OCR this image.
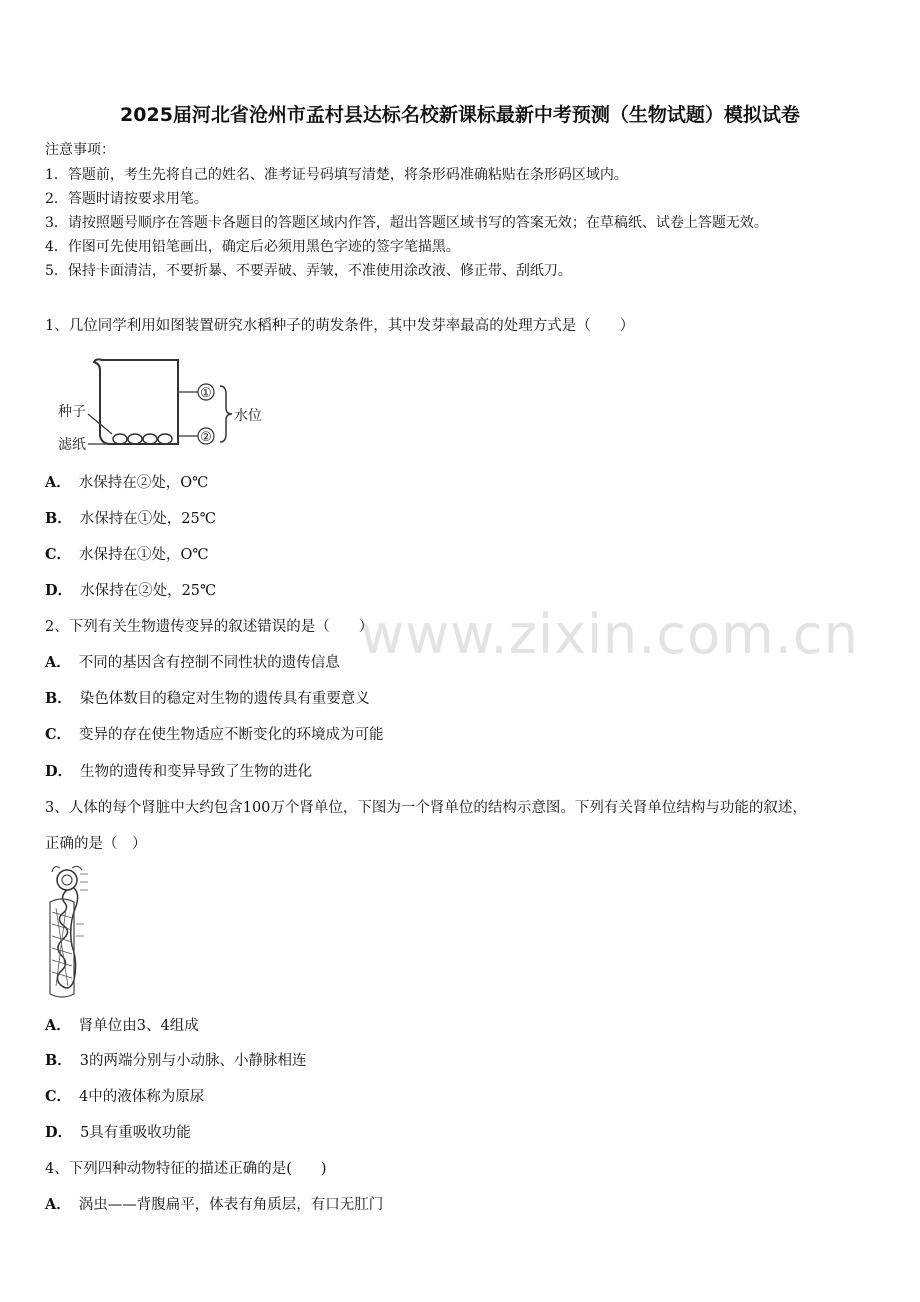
2025届河北省沧州市孟村县达标名校新课标最新中考预测（生物试题）模拟试卷
注意事项：
1．答题前，考生先将自己的姓名、准考证号码填写清楚，将条形码准确粘贴在条形码区域内。
2．答题时请按要求用笔。
3．请按照题号顺序在答题卡各题目的答题区域内作答，超出答题区域书写的答案无效；在草稿纸、试卷上答题无效。
4．作图可先使用铅笔画出，确定后必须用黑色字迹的签字笔描黑。
5．保持卡面清洁，不要折暴、不要弄破、弄皱，不准使用涂改液、修正带、刮纸刀。
www.zixin.com.cn
1、几位同学利用如图装置研究水稻种子的萌发条件，其中发芽率最高的处理方式是（　　）
①
②
种子
滤纸
水位
A． 水保持在②处，O℃
B． 水保持在①处，25℃
C． 水保持在①处，O℃
D． 水保持在②处，25℃
2、下列有关生物遗传变异的叙述错误的是（　　）
A． 不同的基因含有控制不同性状的遗传信息
B． 染色体数目的稳定对生物的遗传具有重要意义
C． 变异的存在使生物适应不断变化的环境成为可能
D． 生物的遗传和变异导致了生物的进化
3、人体的每个肾脏中大约包含100万个肾单位，下图为一个肾单位的结构示意图。下列有关肾单位结构与功能的叙述，
正确的是（　）
A． 肾单位由3、4组成
B． 3的两端分别与小动脉、小静脉相连
C． 4中的液体称为原尿
D． 5具有重吸收功能
4、下列四种动物特征的描述正确的是(　　)
A． 涡虫——背腹扁平，体表有角质层，有口无肛门
